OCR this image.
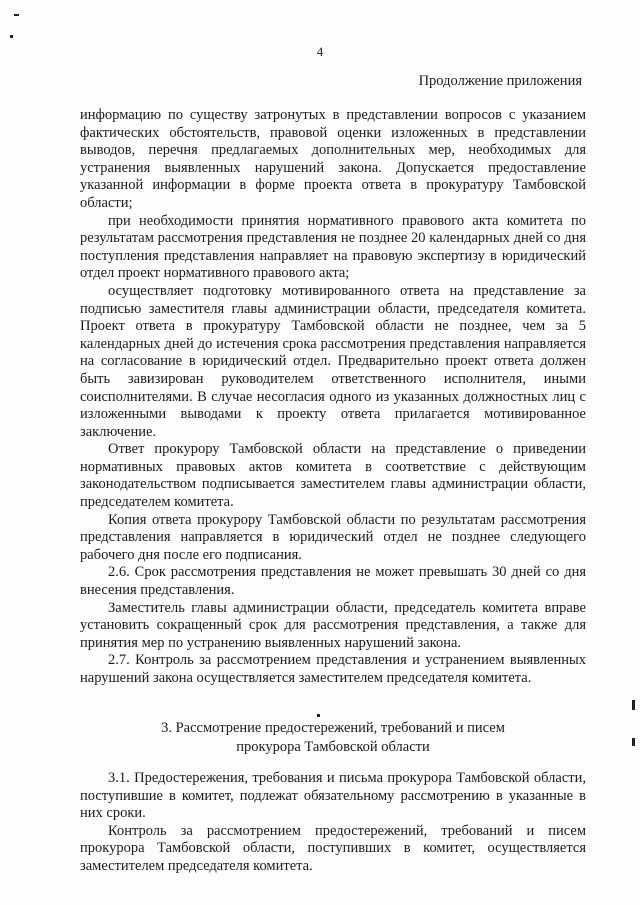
4
Продолжение приложения

информацию по существу затронутых в представлении вопросов с указанием фактических обстоятельств, правовой оценки изложенных в представлении выводов, перечня предлагаемых дополнительных мер, необходимых для устранения выявленных нарушений закона. Допускается предоставление указанной информации в форме проекта ответа в прокуратуру Тамбовской области;

при необходимости принятия нормативного правового акта комитета по результатам рассмотрения представления не позднее 20 календарных дней со дня поступления представления направляет на правовую экспертизу в юридический отдел проект нормативного правового акта;

осуществляет подготовку мотивированного ответа на представление за подписью заместителя главы администрации области, председателя комитета. Проект ответа в прокуратуру Тамбовской области не позднее, чем за 5 календарных дней до истечения срока рассмотрения представления направляется на согласование в юридический отдел. Предварительно проект ответа должен быть завизирован руководителем ответственного исполнителя, иными соисполнителями. В случае несогласия одного из указанных должностных лиц с изложенными выводами к проекту ответа прилагается мотивированное заключение.

Ответ прокурору Тамбовской области на представление о приведении нормативных правовых актов комитета в соответствие с действующим законодательством подписывается заместителем главы администрации области, председателем комитета.

Копия ответа прокурору Тамбовской области по результатам рассмотрения представления направляется в юридический отдел не позднее следующего рабочего дня после его подписания.

2.6. Срок рассмотрения представления не может превышать 30 дней со дня внесения представления.

Заместитель главы администрации области, председатель комитета вправе установить сокращенный срок для рассмотрения представления, а также для принятия мер по устранению выявленных нарушений закона.

2.7. Контроль за рассмотрением представления и устранением выявленных нарушений закона осуществляется заместителем председателя комитета.

3. Рассмотрение предостережений, требований и писем
прокурора Тамбовской области

3.1. Предостережения, требования и письма прокурора Тамбовской области, поступившие в комитет, подлежат обязательному рассмотрению в указанные в них сроки.

Контроль за рассмотрением предостережений, требований и писем прокурора Тамбовской области, поступивших в комитет, осуществляется заместителем председателя комитета.
